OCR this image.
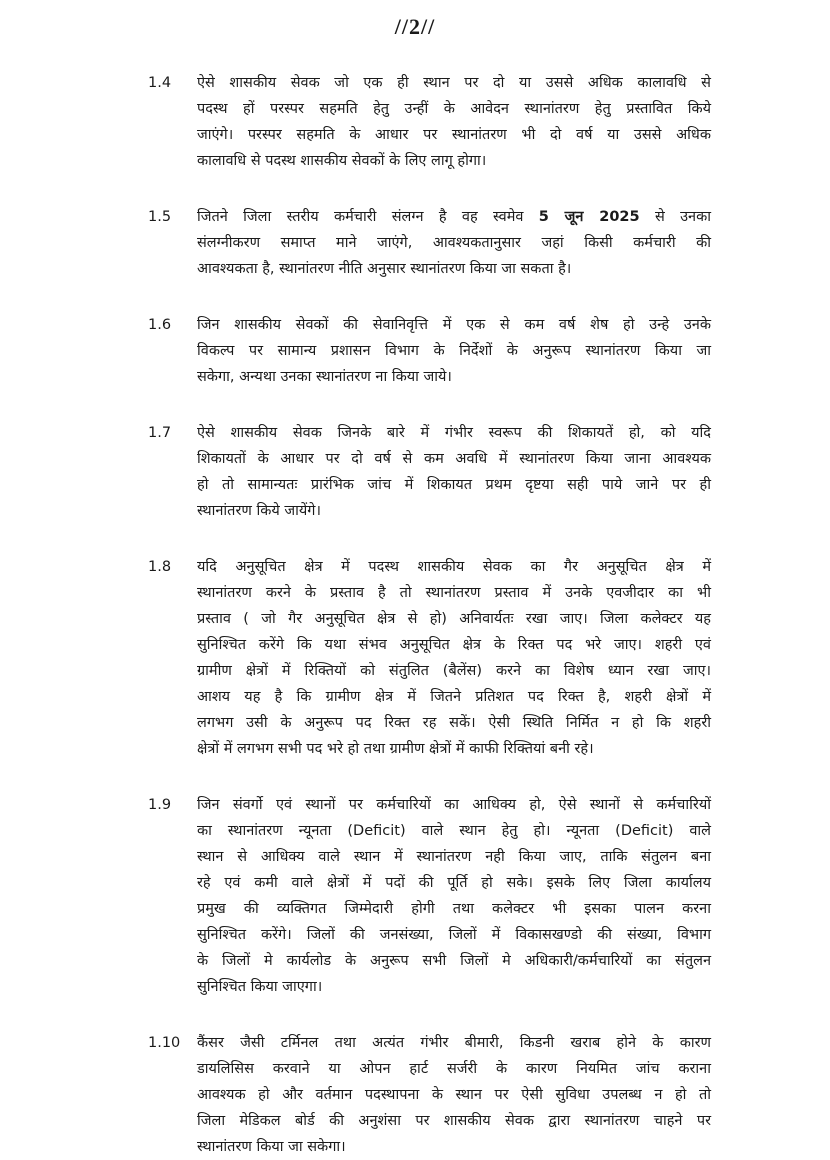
//2//
1.4 ऐसे शासकीय सेवक जो एक ही स्थान पर दो या उससे अधिक कालावधि से
पदस्थ हों परस्पर सहमति हेतु उन्हीं के आवेदन स्थानांतरण हेतु प्रस्तावित किये
जाएंगे। परस्पर सहमति के आधार पर स्थानांतरण भी दो वर्ष या उससे अधिक
कालावधि से पदस्थ शासकीय सेवकों के लिए लागू होगा।
1.5 जितने जिला स्तरीय कर्मचारी संलग्न है वह स्वमेव 5 जून 2025 से उनका
संलग्नीकरण समाप्त माने जाएंगे, आवश्यकतानुसार जहां किसी कर्मचारी की
आवश्यकता है, स्थानांतरण नीति अनुसार स्थानांतरण किया जा सकता है।
1.6 जिन शासकीय सेवकों की सेवानिवृत्ति में एक से कम वर्ष शेष हो उन्हे उनके
विकल्प पर सामान्य प्रशासन विभाग के निर्देशों के अनुरूप स्थानांतरण किया जा
सकेगा, अन्यथा उनका स्थानांतरण ना किया जाये।
1.7 ऐसे शासकीय सेवक जिनके बारे में गंभीर स्वरूप की शिकायतें हो, को यदि
शिकायतों के आधार पर दो वर्ष से कम अवधि में स्थानांतरण किया जाना आवश्यक
हो तो सामान्यतः प्रारंभिक जांच में शिकायत प्रथम दृष्टया सही पाये जाने पर ही
स्थानांतरण किये जायेंगे।
1.8 यदि अनुसूचित क्षेत्र में पदस्थ शासकीय सेवक का गैर अनुसूचित क्षेत्र में
स्थानांतरण करने के प्रस्ताव है तो स्थानांतरण प्रस्ताव में उनके एवजीदार का भी
प्रस्ताव ( जो गैर अनुसूचित क्षेत्र से हो) अनिवार्यतः रखा जाए। जिला कलेक्टर यह
सुनिश्चित करेंगे कि यथा संभव अनुसूचित क्षेत्र के रिक्त पद भरे जाए। शहरी एवं
ग्रामीण क्षेत्रों में रिक्तियों को संतुलित (बैलेंस) करने का विशेष ध्यान रखा जाए।
आशय यह है कि ग्रामीण क्षेत्र में जितने प्रतिशत पद रिक्त है, शहरी क्षेत्रों में
लगभग उसी के अनुरूप पद रिक्त रह सकें। ऐसी स्थिति निर्मित न हो कि शहरी
क्षेत्रों में लगभग सभी पद भरे हो तथा ग्रामीण क्षेत्रों में काफी रिक्तियां बनी रहे।
1.9 जिन संवर्गो एवं स्थानों पर कर्मचारियों का आधिक्य हो, ऐसे स्थानों से कर्मचारियों
का स्थानांतरण न्यूनता (Deficit) वाले स्थान हेतु हो। न्यूनता (Deficit) वाले
स्थान से आधिक्य वाले स्थान में स्थानांतरण नही किया जाए, ताकि संतुलन बना
रहे एवं कमी वाले क्षेत्रों में पदों की पूर्ति हो सके। इसके लिए जिला कार्यालय
प्रमुख की व्यक्तिगत जिम्मेदारी होगी तथा कलेक्टर भी इसका पालन करना
सुनिश्चित करेंगे। जिलों की जनसंख्या, जिलों में विकासखण्डो की संख्या, विभाग
के जिलों मे कार्यलोड के अनुरूप सभी जिलों मे अधिकारी/कर्मचारियों का संतुलन
सुनिश्चित किया जाएगा।
1.10 कैंसर जैसी टर्मिनल तथा अत्यंत गंभीर बीमारी, किडनी खराब होने के कारण
डायलिसिस करवाने या ओपन हार्ट सर्जरी के कारण नियमित जांच कराना
आवश्यक हो और वर्तमान पदस्थापना के स्थान पर ऐसी सुविधा उपलब्ध न हो तो
जिला मेडिकल बोर्ड की अनुशंसा पर शासकीय सेवक द्वारा स्थानांतरण चाहने पर
स्थानांतरण किया जा सकेगा।
